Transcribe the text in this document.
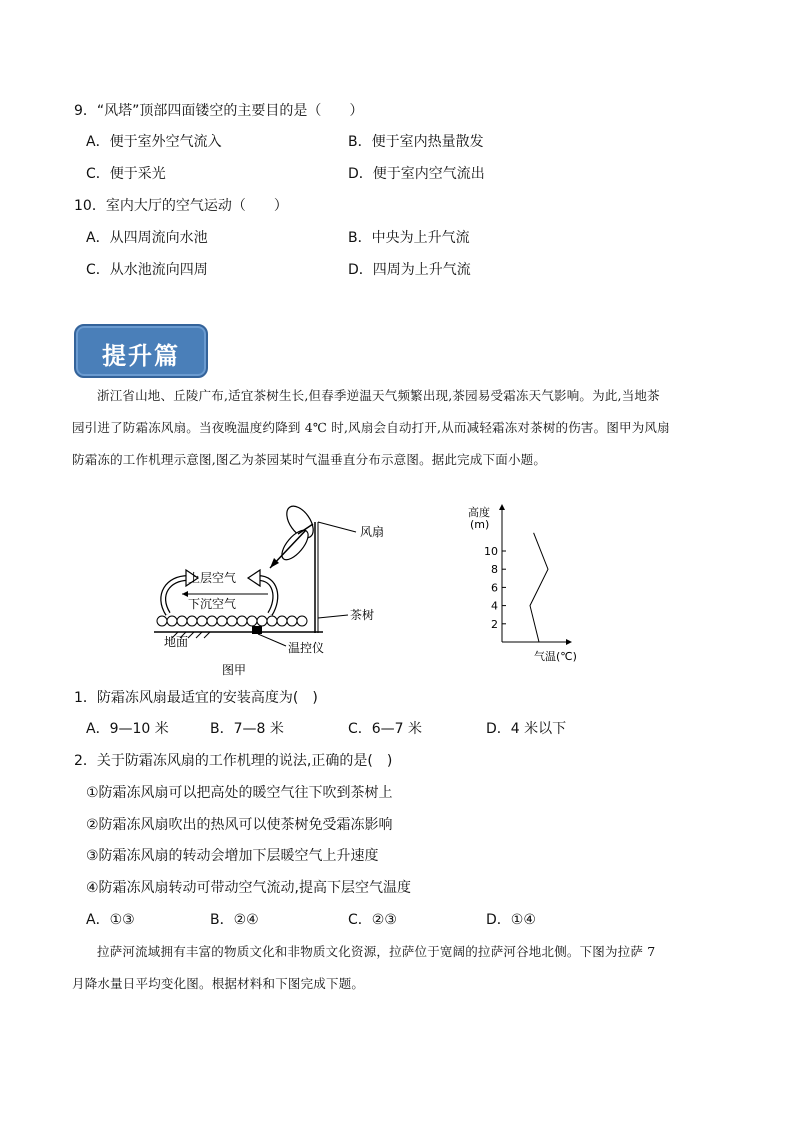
9．“风塔”顶部四面镂空的主要目的是（　　）
A．便于室外空气流入	B．便于室内热量散发
C．便于采光	D．便于室内空气流出
10．室内大厅的空气运动（　　）
A．从四周流向水池	B．中央为上升气流
C．从水池流向四周	D．四周为上升气流
提升篇
浙江省山地、丘陵广布,适宜茶树生长,但春季逆温天气频繁出现,茶园易受霜冻天气影响。为此,当地茶
园引进了防霜冻风扇。当夜晚温度约降到 4℃ 时,风扇会自动打开,从而减轻霜冻对茶树的伤害。图甲为风扇
防霜冻的工作机理示意图,图乙为茶园某时气温垂直分布示意图。据此完成下面小题。
风扇
上层空气
下沉空气
茶树
地面	温控仪
图甲
高度
(m)
10
8
6
4
2
气温(℃)
1．防霜冻风扇最适宜的安装高度为(　)
A．9—10 米	B．7—8 米	C．6—7 米	D．4 米以下
2．关于防霜冻风扇的工作机理的说法,正确的是(　)
①防霜冻风扇可以把高处的暖空气往下吹到茶树上
②防霜冻风扇吹出的热风可以使茶树免受霜冻影响
③防霜冻风扇的转动会增加下层暖空气上升速度
④防霜冻风扇转动可带动空气流动,提高下层空气温度
A．①③	B．②④	C．②③	D．①④
拉萨河流域拥有丰富的物质文化和非物质文化资源，拉萨位于宽阔的拉萨河谷地北侧。下图为拉萨 7
月降水量日平均变化图。根据材料和下图完成下题。
